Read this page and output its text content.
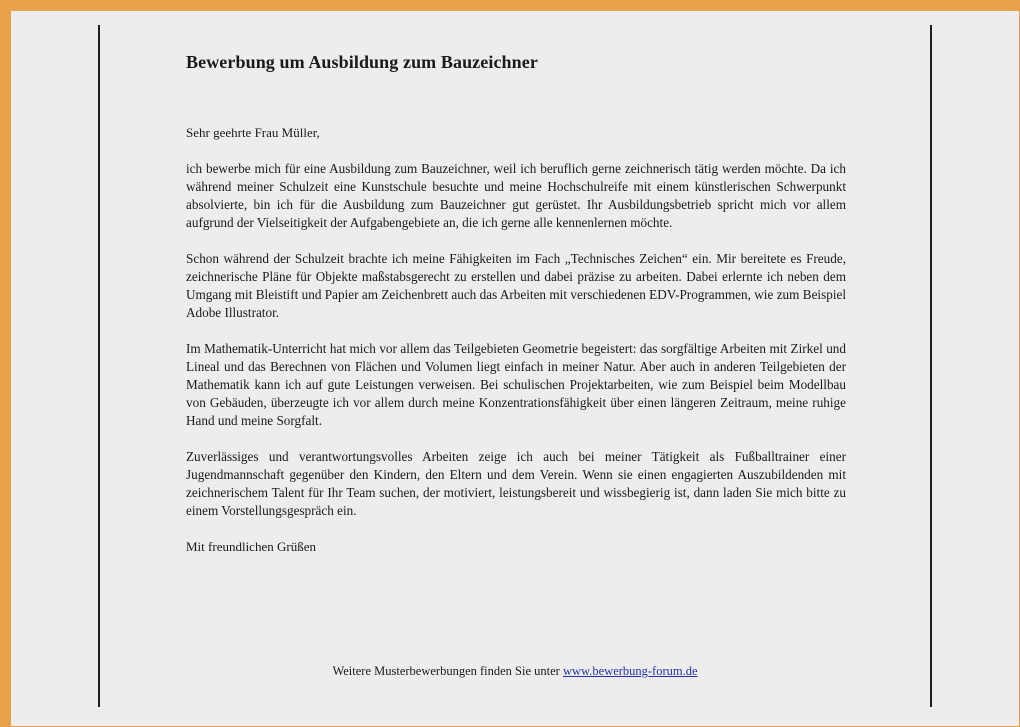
Bewerbung um Ausbildung zum Bauzeichner

Sehr geehrte Frau Müller,

ich bewerbe mich für eine Ausbildung zum Bauzeichner, weil ich beruflich gerne zeichnerisch tätig werden möchte. Da ich während meiner Schulzeit eine Kunstschule besuchte und meine Hochschulreife mit einem künstlerischen Schwerpunkt absolvierte, bin ich für die Ausbildung zum Bauzeichner gut gerüstet. Ihr Ausbildungsbetrieb spricht mich vor allem aufgrund der Vielseitigkeit der Aufgabengebiete an, die ich gerne alle kennenlernen möchte.

Schon während der Schulzeit brachte ich meine Fähigkeiten im Fach „Technisches Zeichen“ ein. Mir bereitete es Freude, zeichnerische Pläne für Objekte maßstabsgerecht zu erstellen und dabei präzise zu arbeiten. Dabei erlernte ich neben dem Umgang mit Bleistift und Papier am Zeichenbrett auch das Arbeiten mit verschiedenen EDV-Programmen, wie zum Beispiel Adobe Illustrator.

Im Mathematik-Unterricht hat mich vor allem das Teilgebieten Geometrie begeistert: das sorgfältige Arbeiten mit Zirkel und Lineal und das Berechnen von Flächen und Volumen liegt einfach in meiner Natur. Aber auch in anderen Teilgebieten der Mathematik kann ich auf gute Leistungen verweisen. Bei schulischen Projektarbeiten, wie zum Beispiel beim Modellbau von Gebäuden, überzeugte ich vor allem durch meine Konzentrationsfähigkeit über einen längeren Zeitraum, meine ruhige Hand und meine Sorgfalt.

Zuverlässiges und verantwortungsvolles Arbeiten zeige ich auch bei meiner Tätigkeit als Fußballtrainer einer Jugendmannschaft gegenüber den Kindern, den Eltern und dem Verein. Wenn sie einen engagierten Auszubildenden mit zeichnerischem Talent für Ihr Team suchen, der motiviert, leistungsbereit und wissbegierig ist, dann laden Sie mich bitte zu einem Vorstellungsgespräch ein.

Mit freundlichen Grüßen

Weitere Musterbewerbungen finden Sie unter www.bewerbung-forum.de
